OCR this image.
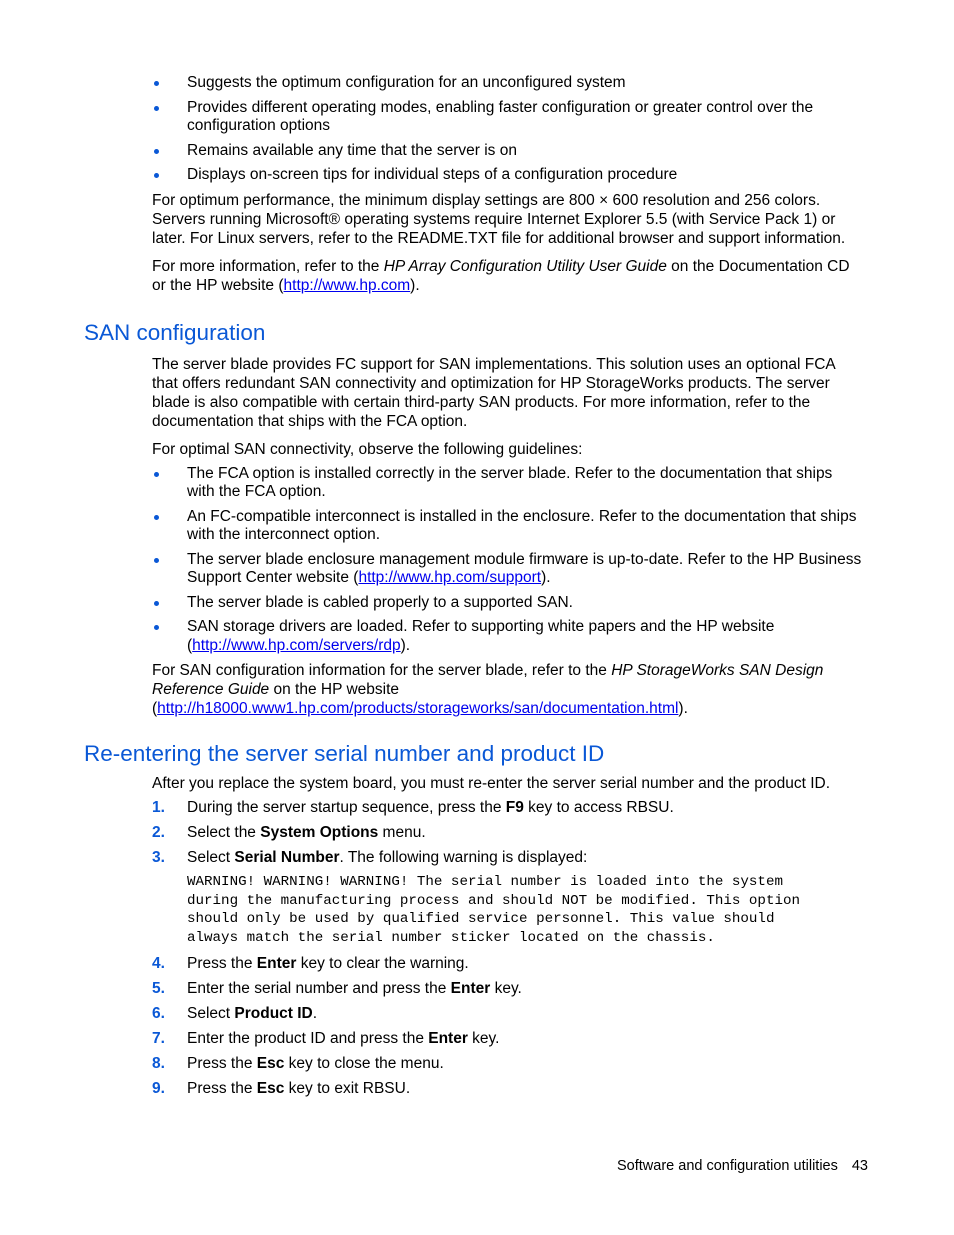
Suggests the optimum configuration for an unconfigured system
Provides different operating modes, enabling faster configuration or greater control over the configuration options
Remains available any time that the server is on
Displays on-screen tips for individual steps of a configuration procedure

For optimum performance, the minimum display settings are 800 × 600 resolution and 256 colors. Servers running Microsoft® operating systems require Internet Explorer 5.5 (with Service Pack 1) or later. For Linux servers, refer to the README.TXT file for additional browser and support information.

For more information, refer to the HP Array Configuration Utility User Guide on the Documentation CD or the HP website (http://www.hp.com).

SAN configuration

The server blade provides FC support for SAN implementations. This solution uses an optional FCA that offers redundant SAN connectivity and optimization for HP StorageWorks products. The server blade is also compatible with certain third-party SAN products. For more information, refer to the documentation that ships with the FCA option.

For optimal SAN connectivity, observe the following guidelines:

The FCA option is installed correctly in the server blade. Refer to the documentation that ships with the FCA option.
An FC-compatible interconnect is installed in the enclosure. Refer to the documentation that ships with the interconnect option.
The server blade enclosure management module firmware is up-to-date. Refer to the HP Business Support Center website (http://www.hp.com/support).
The server blade is cabled properly to a supported SAN.
SAN storage drivers are loaded. Refer to supporting white papers and the HP website (http://www.hp.com/servers/rdp).

For SAN configuration information for the server blade, refer to the HP StorageWorks SAN Design Reference Guide on the HP website (http://h18000.www1.hp.com/products/storageworks/san/documentation.html).

Re-entering the server serial number and product ID

After you replace the system board, you must re-enter the server serial number and the product ID.

1. During the server startup sequence, press the F9 key to access RBSU.
2. Select the System Options menu.
3. Select Serial Number. The following warning is displayed:
WARNING! WARNING! WARNING! The serial number is loaded into the system
during the manufacturing process and should NOT be modified. This option
should only be used by qualified service personnel. This value should
always match the serial number sticker located on the chassis.
4. Press the Enter key to clear the warning.
5. Enter the serial number and press the Enter key.
6. Select Product ID.
7. Enter the product ID and press the Enter key.
8. Press the Esc key to close the menu.
9. Press the Esc key to exit RBSU.
Software and configuration utilities 43
